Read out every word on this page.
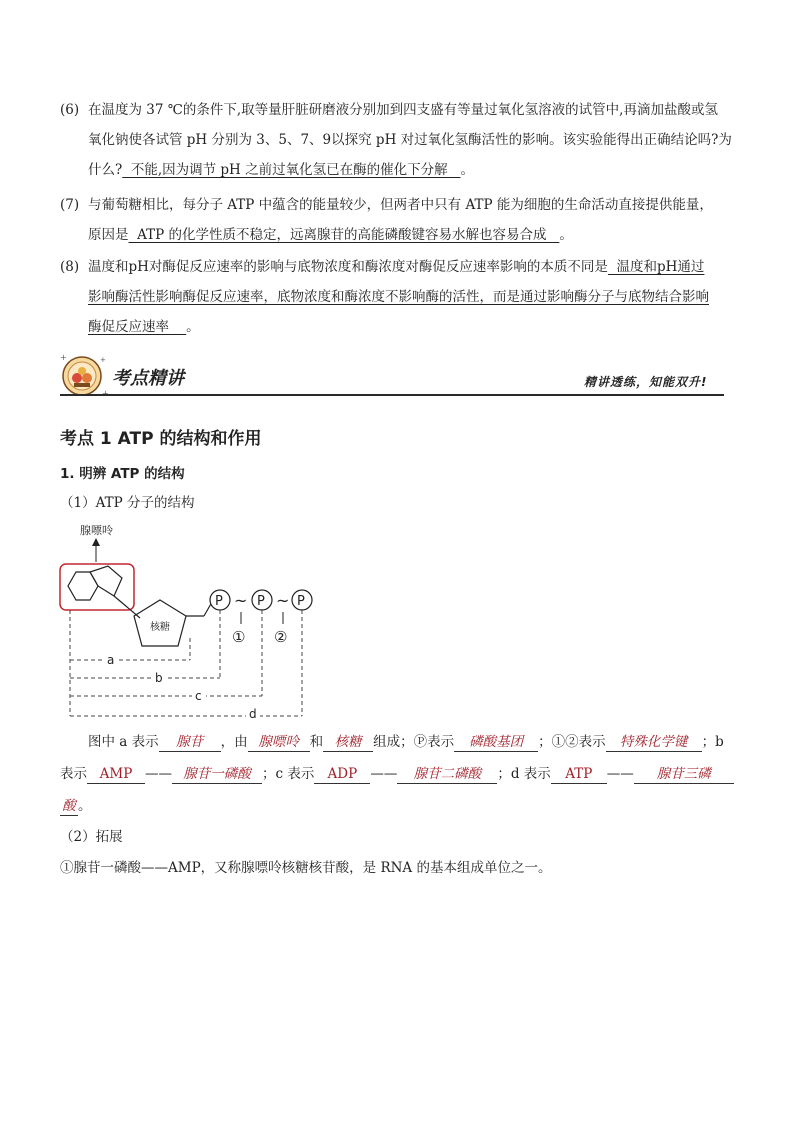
(6) 在温度为 37 ℃的条件下,取等量肝脏研磨液分别加到四支盛有等量过氧化氢溶液的试管中,再滴加盐酸或氢
氧化钠使各试管 pH 分别为 3、5、7、9以探究 pH 对过氧化氢酶活性的影响。该实验能得出正确结论吗?为
什么?  不能,因为调节 pH 之前过氧化氢已在酶的催化下分解   。
(7) 与葡萄糖相比，每分子 ATP 中蕴含的能量较少，但两者中只有 ATP 能为细胞的生命活动直接提供能量，
原因是  ATP 的化学性质不稳定，远离腺苷的高能磷酸键容易水解也容易合成   。
(8) 温度和pH对酶促反应速率的影响与底物浓度和酶浓度对酶促反应速率影响的本质不同是  温度和pH通过
影响酶活性影响酶促反应速率，底物浓度和酶浓度不影响酶的活性，而是通过影响酶分子与底物结合影响
酶促反应速率    。
+	+
考点精讲	精讲透练，知能双升!
考点 1 ATP 的结构和作用
1. 明辨 ATP 的结构
（1）ATP 分子的结构
腺嘌呤
核糖
P ~ P ~ P
① ②
a
b
c
d
图中 a 表示 腺苷 ，由 腺嘌呤 和 核糖 组成；Ⓟ表示 磷酸基团 ；①②表示 特殊化学键 ；b
表示 AMP —— 腺苷一磷酸 ；c 表示 ADP —— 腺苷二磷酸 ；d 表示 ATP —— 腺苷三磷
酸 。
（2）拓展
①腺苷一磷酸——AMP，又称腺嘌呤核糖核苷酸，是 RNA 的基本组成单位之一。
